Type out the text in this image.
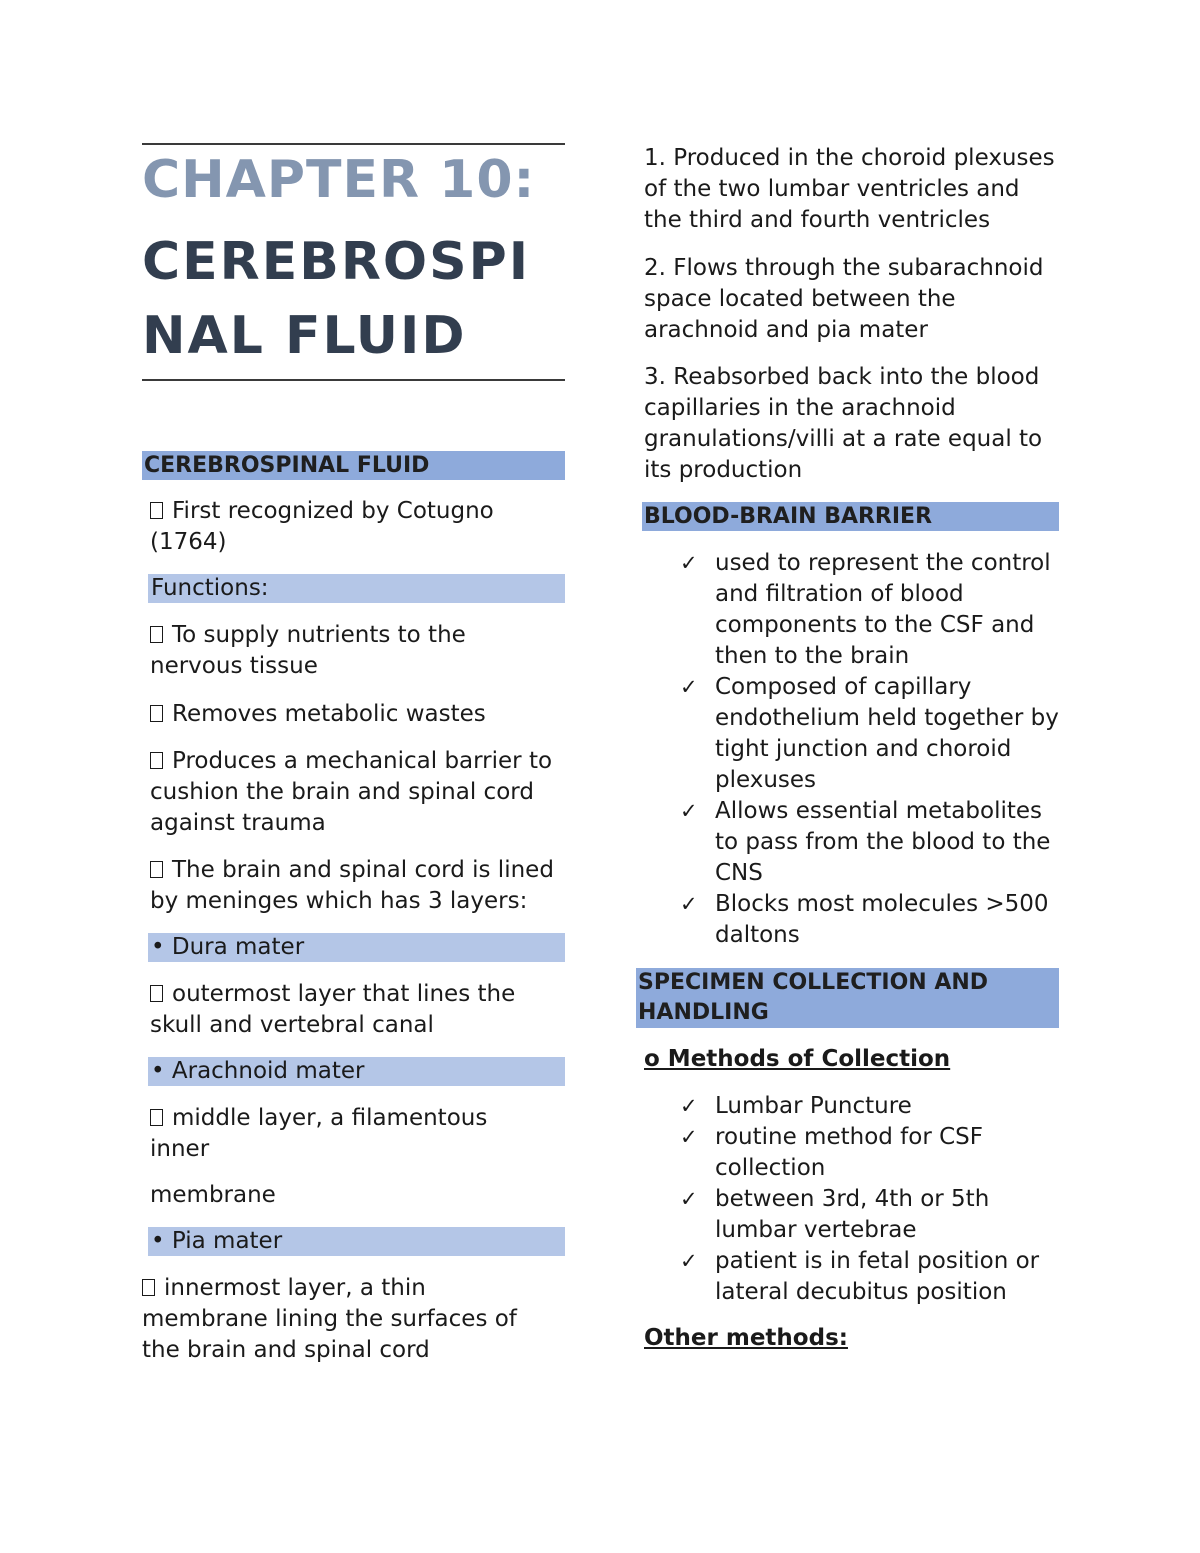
CHAPTER 10:
CEREBROSPI
NAL FLUID
CEREBROSPINAL FLUID
First recognized by Cotugno (1764)
Functions:
To supply nutrients to the nervous tissue
Removes metabolic wastes
Produces a mechanical barrier to cushion the brain and spinal cord against trauma
The brain and spinal cord is lined by meninges which has 3 layers:
• Dura mater
outermost layer that lines the skull and vertebral canal
• Arachnoid mater
middle layer, a filamentous inner
membrane
• Pia mater
innermost layer, a thin membrane lining the surfaces of the brain and spinal cord
1. Produced in the choroid plexuses of the two lumbar ventricles and the third and fourth ventricles
2. Flows through the subarachnoid space located between the arachnoid and pia mater
3. Reabsorbed back into the blood capillaries in the arachnoid granulations/villi at a rate equal to its production
BLOOD-BRAIN BARRIER
✓ used to represent the control and filtration of blood components to the CSF and then to the brain
✓ Composed of capillary endothelium held together by tight junction and choroid plexuses
✓ Allows essential metabolites to pass from the blood to the CNS
✓ Blocks most molecules >500 daltons
SPECIMEN COLLECTION AND HANDLING
o Methods of Collection
✓ Lumbar Puncture
✓ routine method for CSF collection
✓ between 3rd, 4th or 5th lumbar vertebrae
✓ patient is in fetal position or lateral decubitus position
Other methods:
